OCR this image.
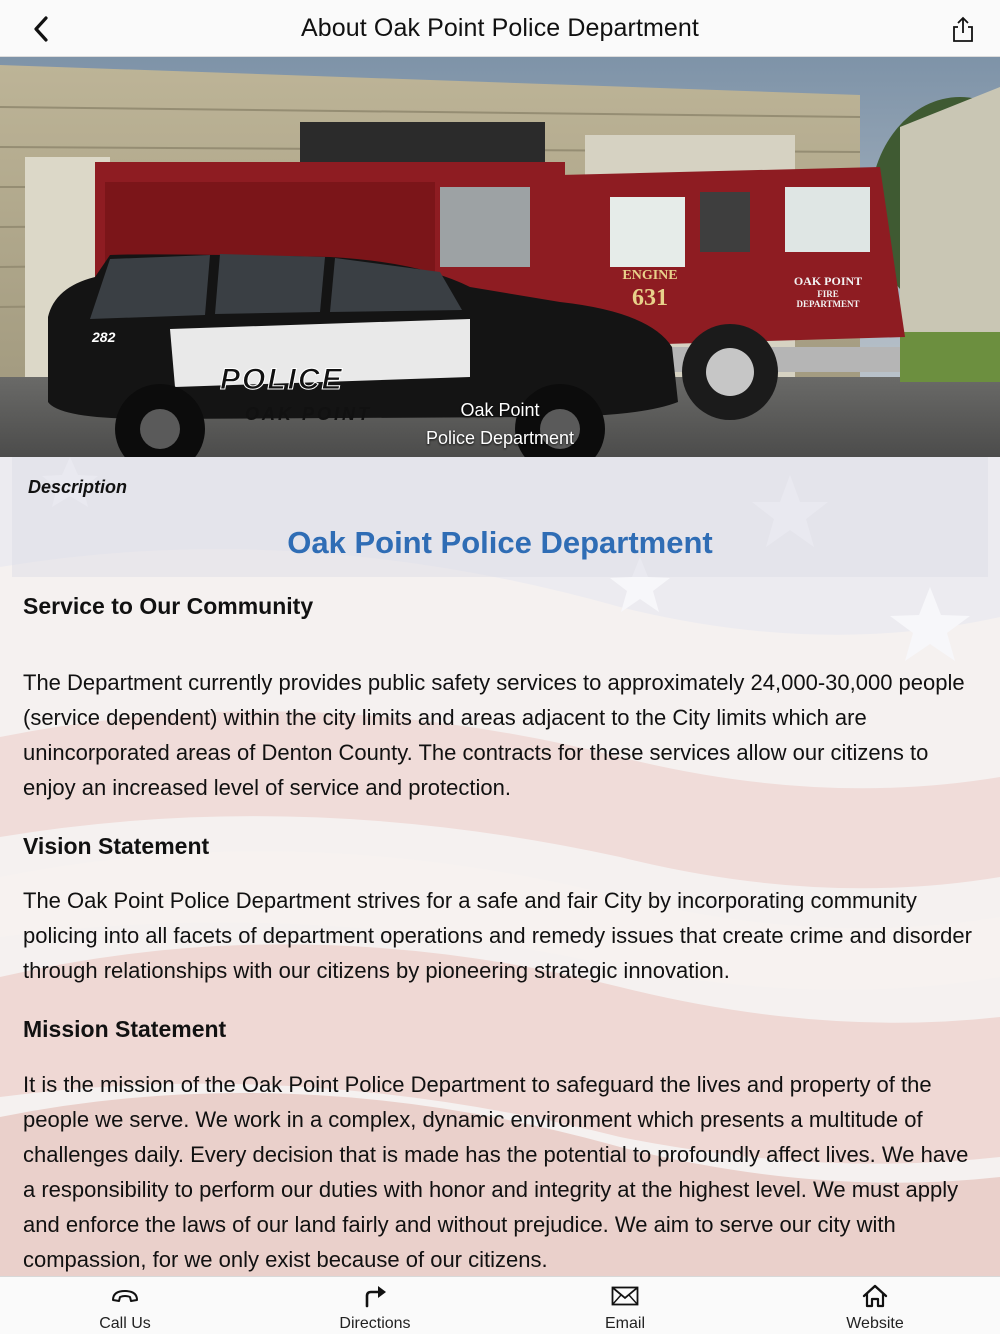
About Oak Point Police Department
ENGINE
631
OAK POINT
FIRE
DEPARTMENT
282
POLICE
OAK POINT	Oak Point
Police Department
Description
Oak Point Police Department
Service to Our Community
The Department currently provides public safety services to approximately 24,000-30,000 people (service dependent) within the city limits and areas adjacent to the City limits which are unincorporated areas of Denton County. The contracts for these services allow our citizens to enjoy an increased level of service and protection.
Vision Statement
The Oak Point Police Department strives for a safe and fair City by incorporating community policing into all facets of department operations and remedy issues that create crime and disorder through relationships with our citizens by pioneering strategic innovation.
Mission Statement
It is the mission of the Oak Point Police Department to safeguard the lives and property of the people we serve. We work in a complex, dynamic environment which presents a multitude of challenges daily. Every decision that is made has the potential to profoundly affect lives. We have a responsibility to perform our duties with honor and integrity at the highest level. We must apply and enforce the laws of our land fairly and without prejudice. We aim to serve our city with compassion, for we only exist because of our citizens.
Call Us	Directions	Email	Website
